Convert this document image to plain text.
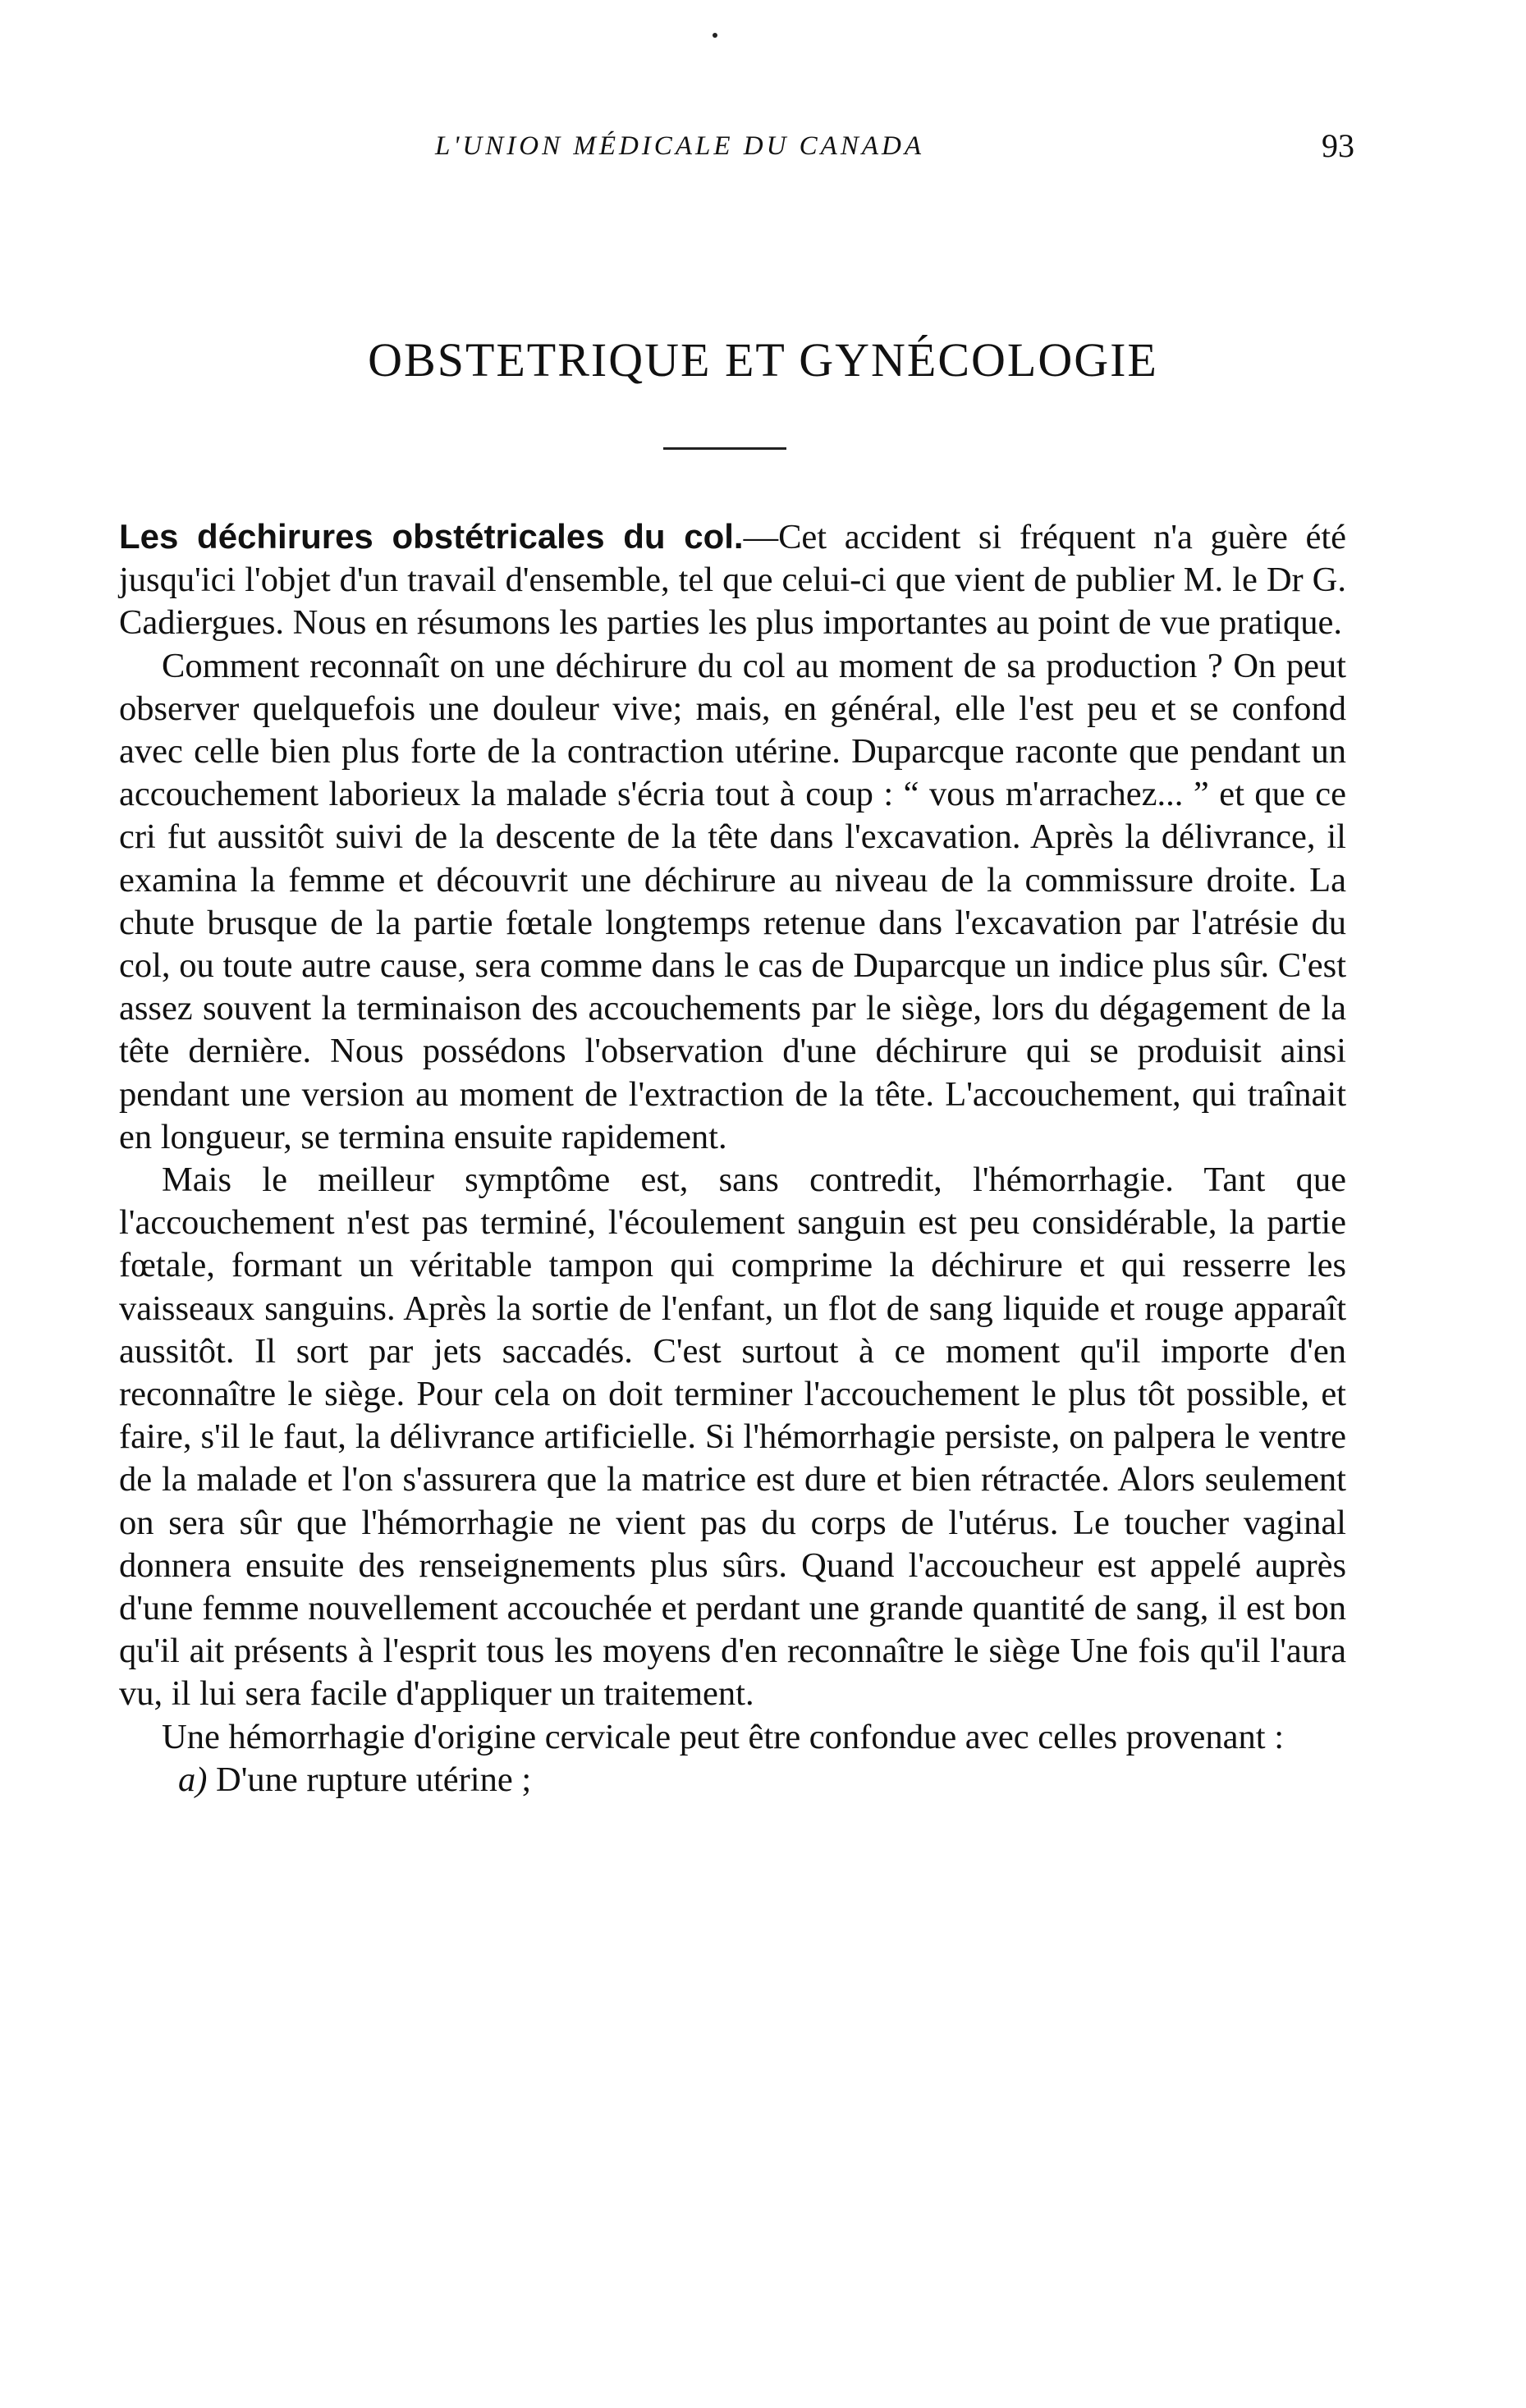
L'UNION MÉDICALE DU CANADA	93
OBSTETRIQUE ET GYNÉCOLOGIE

Les déchirures obstétricales du col.—Cet accident si fréquent n'a guère été jusqu'ici l'objet d'un travail d'ensemble, tel que celui-ci que vient de publier M. le Dr G. Cadiergues. Nous en résumons les parties les plus importantes au point de vue pratique.

Comment reconnaît on une déchirure du col au moment de sa production ? On peut observer quelquefois une douleur vive; mais, en général, elle l'est peu et se confond avec celle bien plus forte de la contraction utérine. Duparcque raconte que pendant un accouchement laborieux la malade s'écria tout à coup : “ vous m'arrachez... ” et que ce cri fut aussitôt suivi de la descente de la tête dans l'excavation. Après la délivrance, il examina la femme et découvrit une déchirure au niveau de la commissure droite. La chute brusque de la partie fœtale longtemps retenue dans l'excavation par l'atrésie du col, ou toute autre cause, sera comme dans le cas de Duparcque un indice plus sûr. C'est assez souvent la terminaison des accouchements par le siège, lors du dégagement de la tête dernière. Nous possédons l'observation d'une déchirure qui se produisit ainsi pendant une version au moment de l'extraction de la tête. L'accouchement, qui traînait en longueur, se termina ensuite rapidement.

Mais le meilleur symptôme est, sans contredit, l'hémorrhagie. Tant que l'accouchement n'est pas terminé, l'écoulement sanguin est peu considérable, la partie fœtale, formant un véritable tampon qui comprime la déchirure et qui resserre les vaisseaux sanguins. Après la sortie de l'enfant, un flot de sang liquide et rouge apparaît aussitôt. Il sort par jets saccadés. C'est surtout à ce moment qu'il importe d'en reconnaître le siège. Pour cela on doit terminer l'accouchement le plus tôt possible, et faire, s'il le faut, la délivrance artificielle. Si l'hémorrhagie persiste, on palpera le ventre de la malade et l'on s'assurera que la matrice est dure et bien rétractée. Alors seulement on sera sûr que l'hémorrhagie ne vient pas du corps de l'utérus. Le toucher vaginal donnera ensuite des renseignements plus sûrs. Quand l'accoucheur est appelé auprès d'une femme nouvellement accouchée et perdant une grande quantité de sang, il est bon qu'il ait présents à l'esprit tous les moyens d'en reconnaître le siège Une fois qu'il l'aura vu, il lui sera facile d'appliquer un traitement.

Une hémorrhagie d'origine cervicale peut être confondue avec celles provenant :

a) D'une rupture utérine ;
